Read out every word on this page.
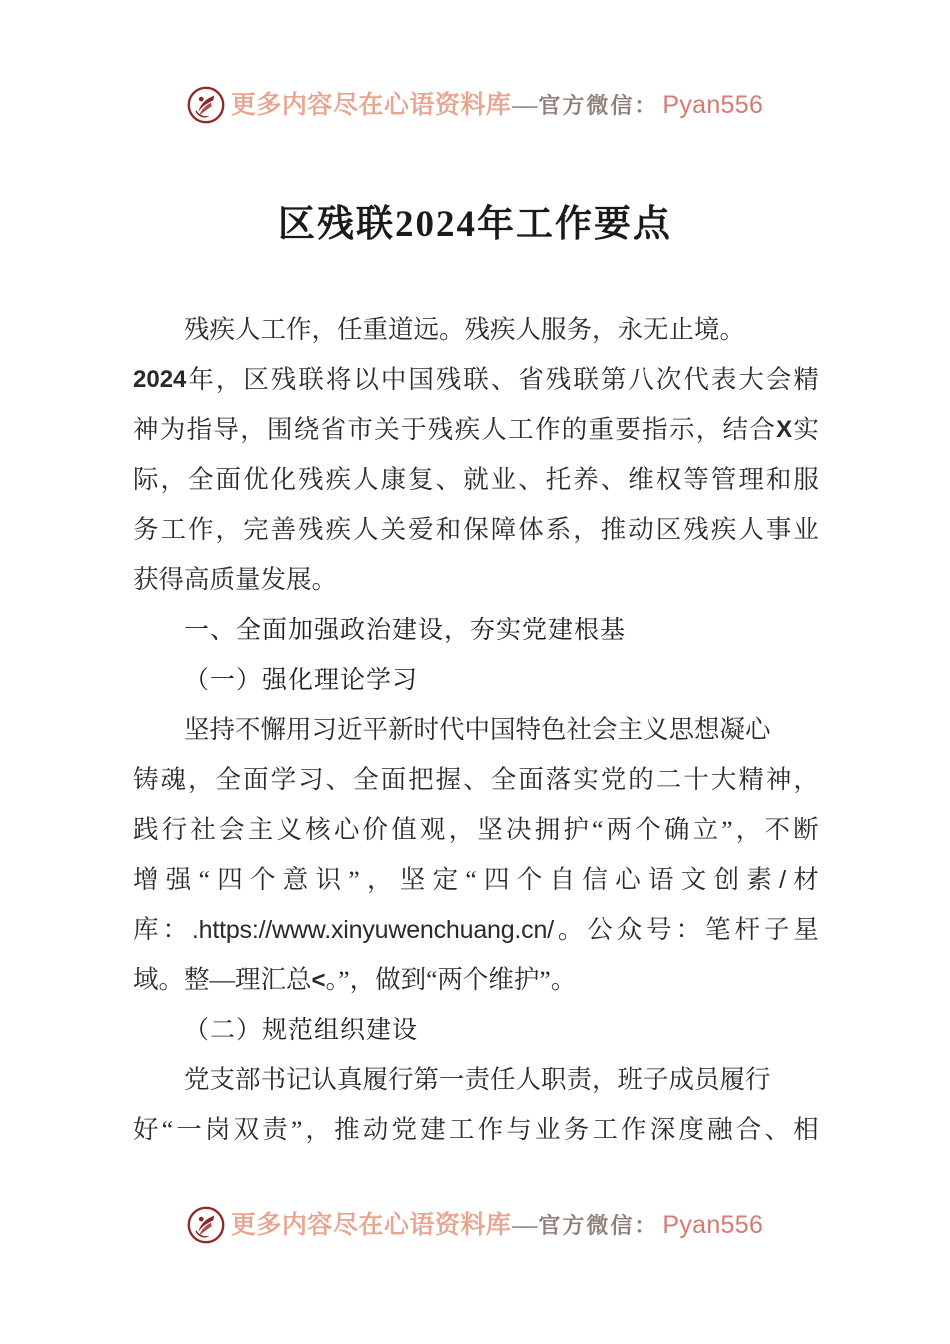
更多内容尽在心语资料库 — 官方微信： Pyan556
区残联2024年工作要点
残疾人工作，任重道远。残疾人服务，永无止境。
2024 年 ， 区 残 联 将 以 中 国 残 联 、 省 残 联 第 八 次 代 表 大 会 精
神 为 指 导 ， 围 绕 省 市 关 于 残 疾 人 工 作 的 重 要 指 示 ， 结 合 X 实
际 ， 全 面 优 化 残 疾 人 康 复 、 就 业 、 托 养 、 维 权 等 管 理 和 服
务 工 作 ， 完 善 残 疾 人 关 爱 和 保 障 体 系 ， 推 动 区 残 疾 人 事 业
获得高质量发展。
一、全面加强政治建设，夯实党建根基
（一）强化理论学习
坚持不懈用习近平新时代中国特色社会主义思想凝心
铸 魂 ， 全 面 学 习 、 全 面 把 握 、 全 面 落 实 党 的 二 十 大 精 神 ，
践 行 社 会 主 义 核 心 价 值 观 ， 坚 决 拥 护 “ 两 个 确 立 ” ， 不 断
增 强 “ 四 个 意 识 ” ， 坚 定 “ 四 个 自 信 心 语 文 创 素 / 材
库 ： .https://www.xinyuwenchuang.cn/ 。 公 众 号 ： 笔 杆 子 星
域。整—理汇总<。”，做到“两个维护”。
（二）规范组织建设
党支部书记认真履行第一责任人职责，班子成员履行
好 “ 一 岗 双 责 ” ， 推 动 党 建 工 作 与 业 务 工 作 深 度 融 合 、 相
更多内容尽在心语资料库 — 官方微信： Pyan556
